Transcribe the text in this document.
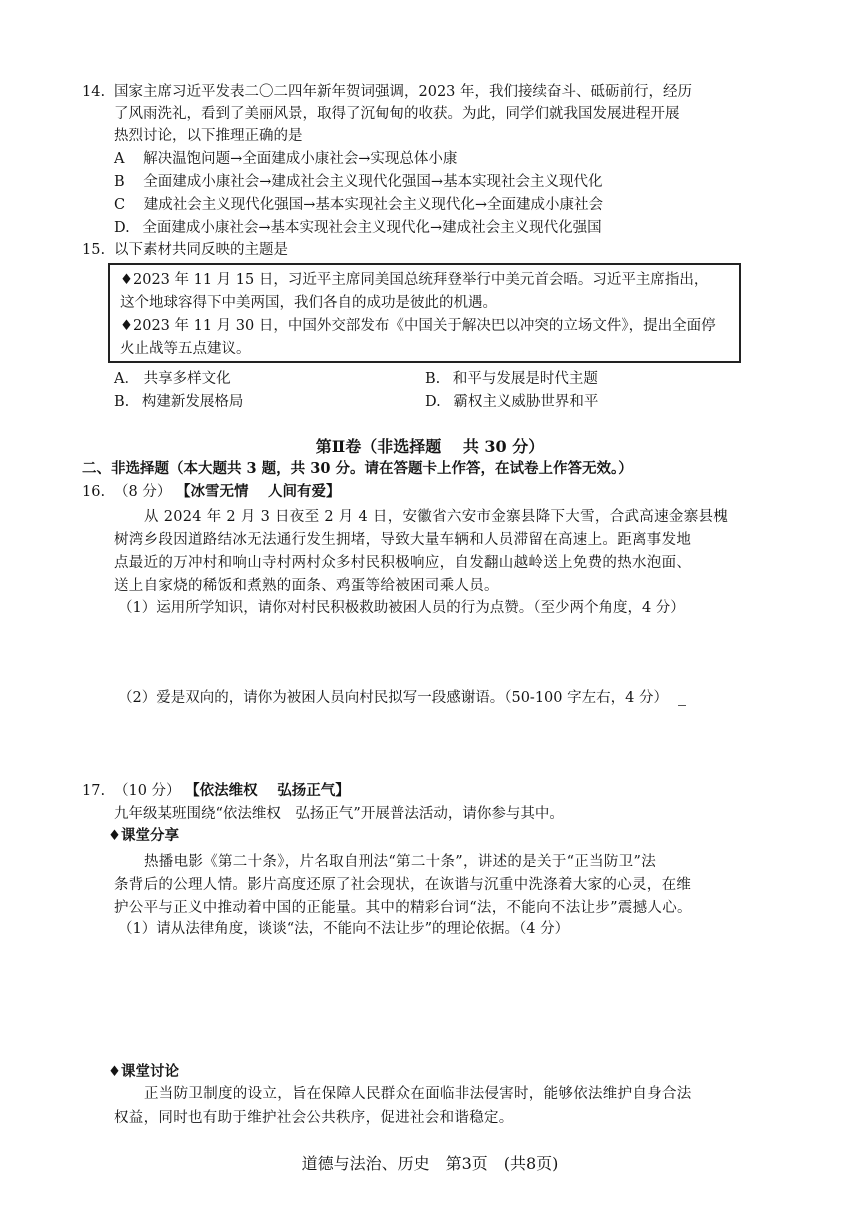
14. 国家主席习近平发表二〇二四年新年贺词强调，2023 年，我们接续奋斗、砥砺前行，经历
了风雨洗礼，看到了美丽风景，取得了沉甸甸的收获。为此，同学们就我国发展进程开展
热烈讨论，以下推理正确的是
A 解决温饱问题→全面建成小康社会→实现总体小康
B 全面建成小康社会→建成社会主义现代化强国→基本实现社会主义现代化
C 建成社会主义现代化强国→基本实现社会主义现代化→全面建成小康社会
D. 全面建成小康社会→基本实现社会主义现代化→建成社会主义现代化强国
15. 以下素材共同反映的主题是
♦2023 年 11 月 15 日，习近平主席同美国总统拜登举行中美元首会晤。习近平主席指出，
这个地球容得下中美两国，我们各自的成功是彼此的机遇。
♦2023 年 11 月 30 日，中国外交部发布《中国关于解决巴以冲突的立场文件》，提出全面停
火止战等五点建议。
A． 共享多样文化	B. 和平与发展是时代主题
B. 构建新发展格局	D. 霸权主义威胁世界和平
第Ⅱ卷（非选择题　 共 30 分）
二、非选择题（本大题共 3 题，共 30 分。请在答题卡上作答，在试卷上作答无效。）
16. （8 分） 【冰雪无情　 人间有爱】
从 2024 年 2 月 3 日夜至 2 月 4 日，安徽省六安市金寨县降下大雪，合武高速金寨县槐
树湾乡段因道路结冰无法通行发生拥堵，导致大量车辆和人员滞留在高速上。距离事发地
点最近的万冲村和响山寺村两村众多村民积极响应，自发翻山越岭送上免费的热水泡面、
送上自家烧的稀饭和煮熟的面条、鸡蛋等给被困司乘人员。
（1）运用所学知识，请你对村民积极救助被困人员的行为点赞。（至少两个角度，4 分）
（2）爱是双向的，请你为被困人员向村民拟写一段感谢语。（50-100 字左右，4 分）
17. （10 分） 【依法维权　 弘扬正气】
九年级某班围绕“依法维权　弘扬正气”开展普法活动，请你参与其中。
♦课堂分享
热播电影《第二十条》，片名取自刑法“第二十条”，讲述的是关于“正当防卫”法
条背后的公理人情。影片高度还原了社会现状，在诙谐与沉重中洗涤着大家的心灵，在维
护公平与正义中推动着中国的正能量。其中的精彩台词“法，不能向不法让步”震撼人心。
（1）请从法律角度，谈谈“法，不能向不法让步”的理论依据。（4 分）
♦课堂讨论
正当防卫制度的设立，旨在保障人民群众在面临非法侵害时，能够依法维护自身合法
权益，同时也有助于维护社会公共秩序，促进社会和谐稳定。
道德与法治、历史　第3页　(共8页)
